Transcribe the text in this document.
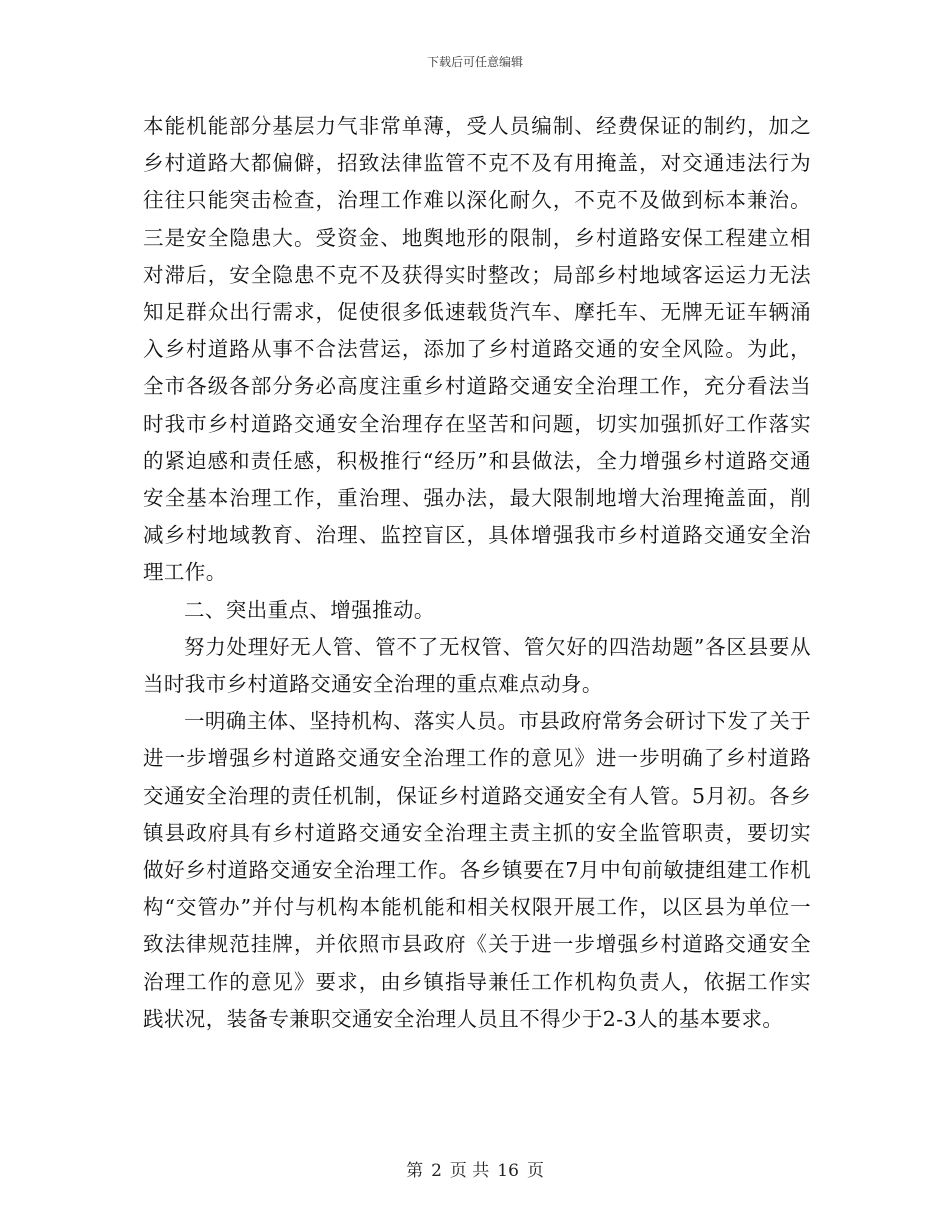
下载后可任意编辑

本能机能部分基层力气非常单薄，受人员编制、经费保证的制约，加之乡村道路大都偏僻，招致法律监管不克不及有用掩盖，对交通违法行为往往只能突击检查，治理工作难以深化耐久，不克不及做到标本兼治。三是安全隐患大。受资金、地舆地形的限制，乡村道路安保工程建立相对滞后，安全隐患不克不及获得实时整改；局部乡村地域客运运力无法知足群众出行需求，促使很多低速载货汽车、摩托车、无牌无证车辆涌入乡村道路从事不合法营运，添加了乡村道路交通的安全风险。为此，全市各级各部分务必高度注重乡村道路交通安全治理工作，充分看法当时我市乡村道路交通安全治理存在坚苦和问题，切实加强抓好工作落实的紧迫感和责任感，积极推行“经历”和县做法，全力增强乡村道路交通安全基本治理工作，重治理、强办法，最大限制地增大治理掩盖面，削减乡村地域教育、治理、监控盲区，具体增强我市乡村道路交通安全治理工作。

二、突出重点、增强推动。

努力处理好无人管、管不了无权管、管欠好的四浩劫题”各区县要从当时我市乡村道路交通安全治理的重点难点动身。

一明确主体、坚持机构、落实人员。市县政府常务会研讨下发了关于进一步增强乡村道路交通安全治理工作的意见》进一步明确了乡村道路交通安全治理的责任机制，保证乡村道路交通安全有人管。5月初。各乡镇县政府具有乡村道路交通安全治理主责主抓的安全监管职责，要切实做好乡村道路交通安全治理工作。各乡镇要在7月中旬前敏捷组建工作机构“交管办”并付与机构本能机能和相关权限开展工作，以区县为单位一致法律规范挂牌，并依照市县政府《关于进一步增强乡村道路交通安全治理工作的意见》要求，由乡镇指导兼任工作机构负责人，依据工作实践状况，装备专兼职交通安全治理人员且不得少于2-3人的基本要求。

第 2 页 共 16 页
